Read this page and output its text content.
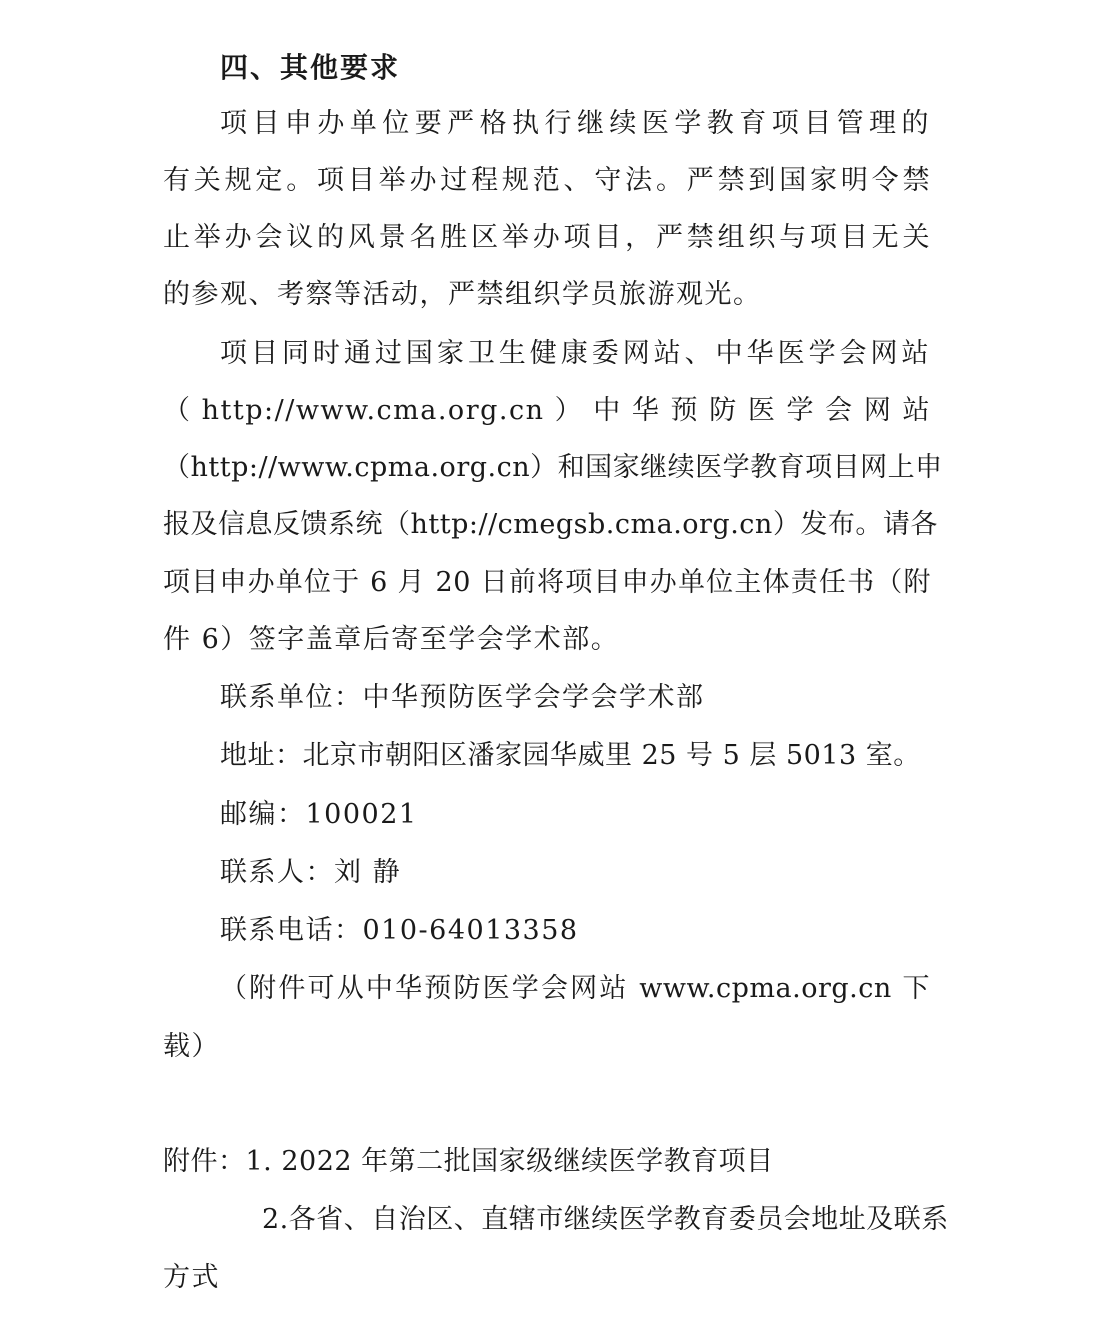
四、其他要求
项目申办单位要严格执行继续医学教育项目管理的
有关规定。项目举办过程规范、守法。严禁到国家明令禁
止举办会议的风景名胜区举办项目，严禁组织与项目无关
的参观、考察等活动，严禁组织学员旅游观光。
项目同时通过国家卫生健康委网站、中华医学会网站
（ http://www.cma.org.cn ） 中 华 预 防 医 学 会 网 站
（http://www.cpma.org.cn）和国家继续医学教育项目网上申
报及信息反馈系统（http://cmegsb.cma.org.cn）发布。请各
项目申办单位于 6 月 20 日前将项目申办单位主体责任书（附
件 6）签字盖章后寄至学会学术部。
联系单位：中华预防医学会学会学术部
地址：北京市朝阳区潘家园华威里 25 号 5 层 5013 室。
邮编：100021
联系人：刘 静
联系电话：010-64013358
（附件可从中华预防医学会网站 www.cpma.org.cn 下
载）
附件：1. 2022 年第二批国家级继续医学教育项目
2.各省、自治区、直辖市继续医学教育委员会地址及联系
方式
